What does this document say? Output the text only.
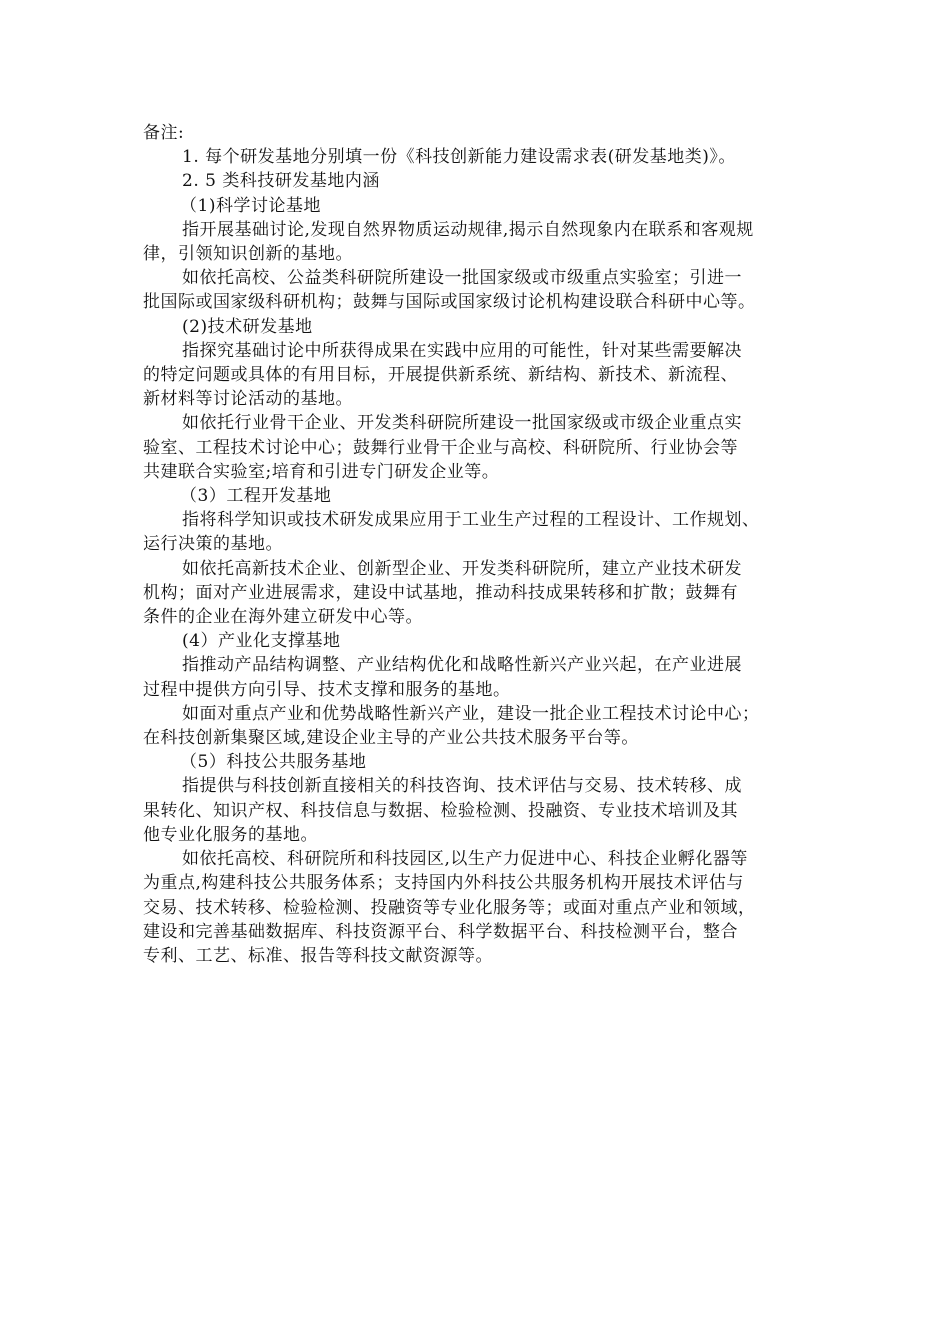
备注:

1. 每个研发基地分别填一份《科技创新能力建设需求表(研发基地类)》。

2. 5 类科技研发基地内涵

（1)科学讨论基地

指开展基础讨论,发现自然界物质运动规律,揭示自然现象内在联系和客观规

律，引领知识创新的基地。

如依托高校、公益类科研院所建设一批国家级或市级重点实验室；引进一

批国际或国家级科研机构；鼓舞与国际或国家级讨论机构建设联合科研中心等。

(2)技术研发基地

指探究基础讨论中所获得成果在实践中应用的可能性，针对某些需要解决

的特定问题或具体的有用目标，开展提供新系统、新结构、新技术、新流程、

新材料等讨论活动的基地。

如依托行业骨干企业、开发类科研院所建设一批国家级或市级企业重点实

验室、工程技术讨论中心；鼓舞行业骨干企业与高校、科研院所、行业协会等

共建联合实验室;培育和引进专门研发企业等。

（3）工程开发基地

指将科学知识或技术研发成果应用于工业生产过程的工程设计、工作规划、

运行决策的基地。

如依托高新技术企业、创新型企业、开发类科研院所，建立产业技术研发

机构；面对产业进展需求，建设中试基地，推动科技成果转移和扩散；鼓舞有

条件的企业在海外建立研发中心等。

(4）产业化支撑基地

指推动产品结构调整、产业结构优化和战略性新兴产业兴起，在产业进展

过程中提供方向引导、技术支撑和服务的基地。

如面对重点产业和优势战略性新兴产业，建设一批企业工程技术讨论中心；

在科技创新集聚区域,建设企业主导的产业公共技术服务平台等。

（5）科技公共服务基地

指提供与科技创新直接相关的科技咨询、技术评估与交易、技术转移、成

果转化、知识产权、科技信息与数据、检验检测、投融资、专业技术培训及其

他专业化服务的基地。

如依托高校、科研院所和科技园区,以生产力促进中心、科技企业孵化器等

为重点,构建科技公共服务体系；支持国内外科技公共服务机构开展技术评估与

交易、技术转移、检验检测、投融资等专业化服务等；或面对重点产业和领域，

建设和完善基础数据库、科技资源平台、科学数据平台、科技检测平台，整合

专利、工艺、标准、报告等科技文献资源等。
